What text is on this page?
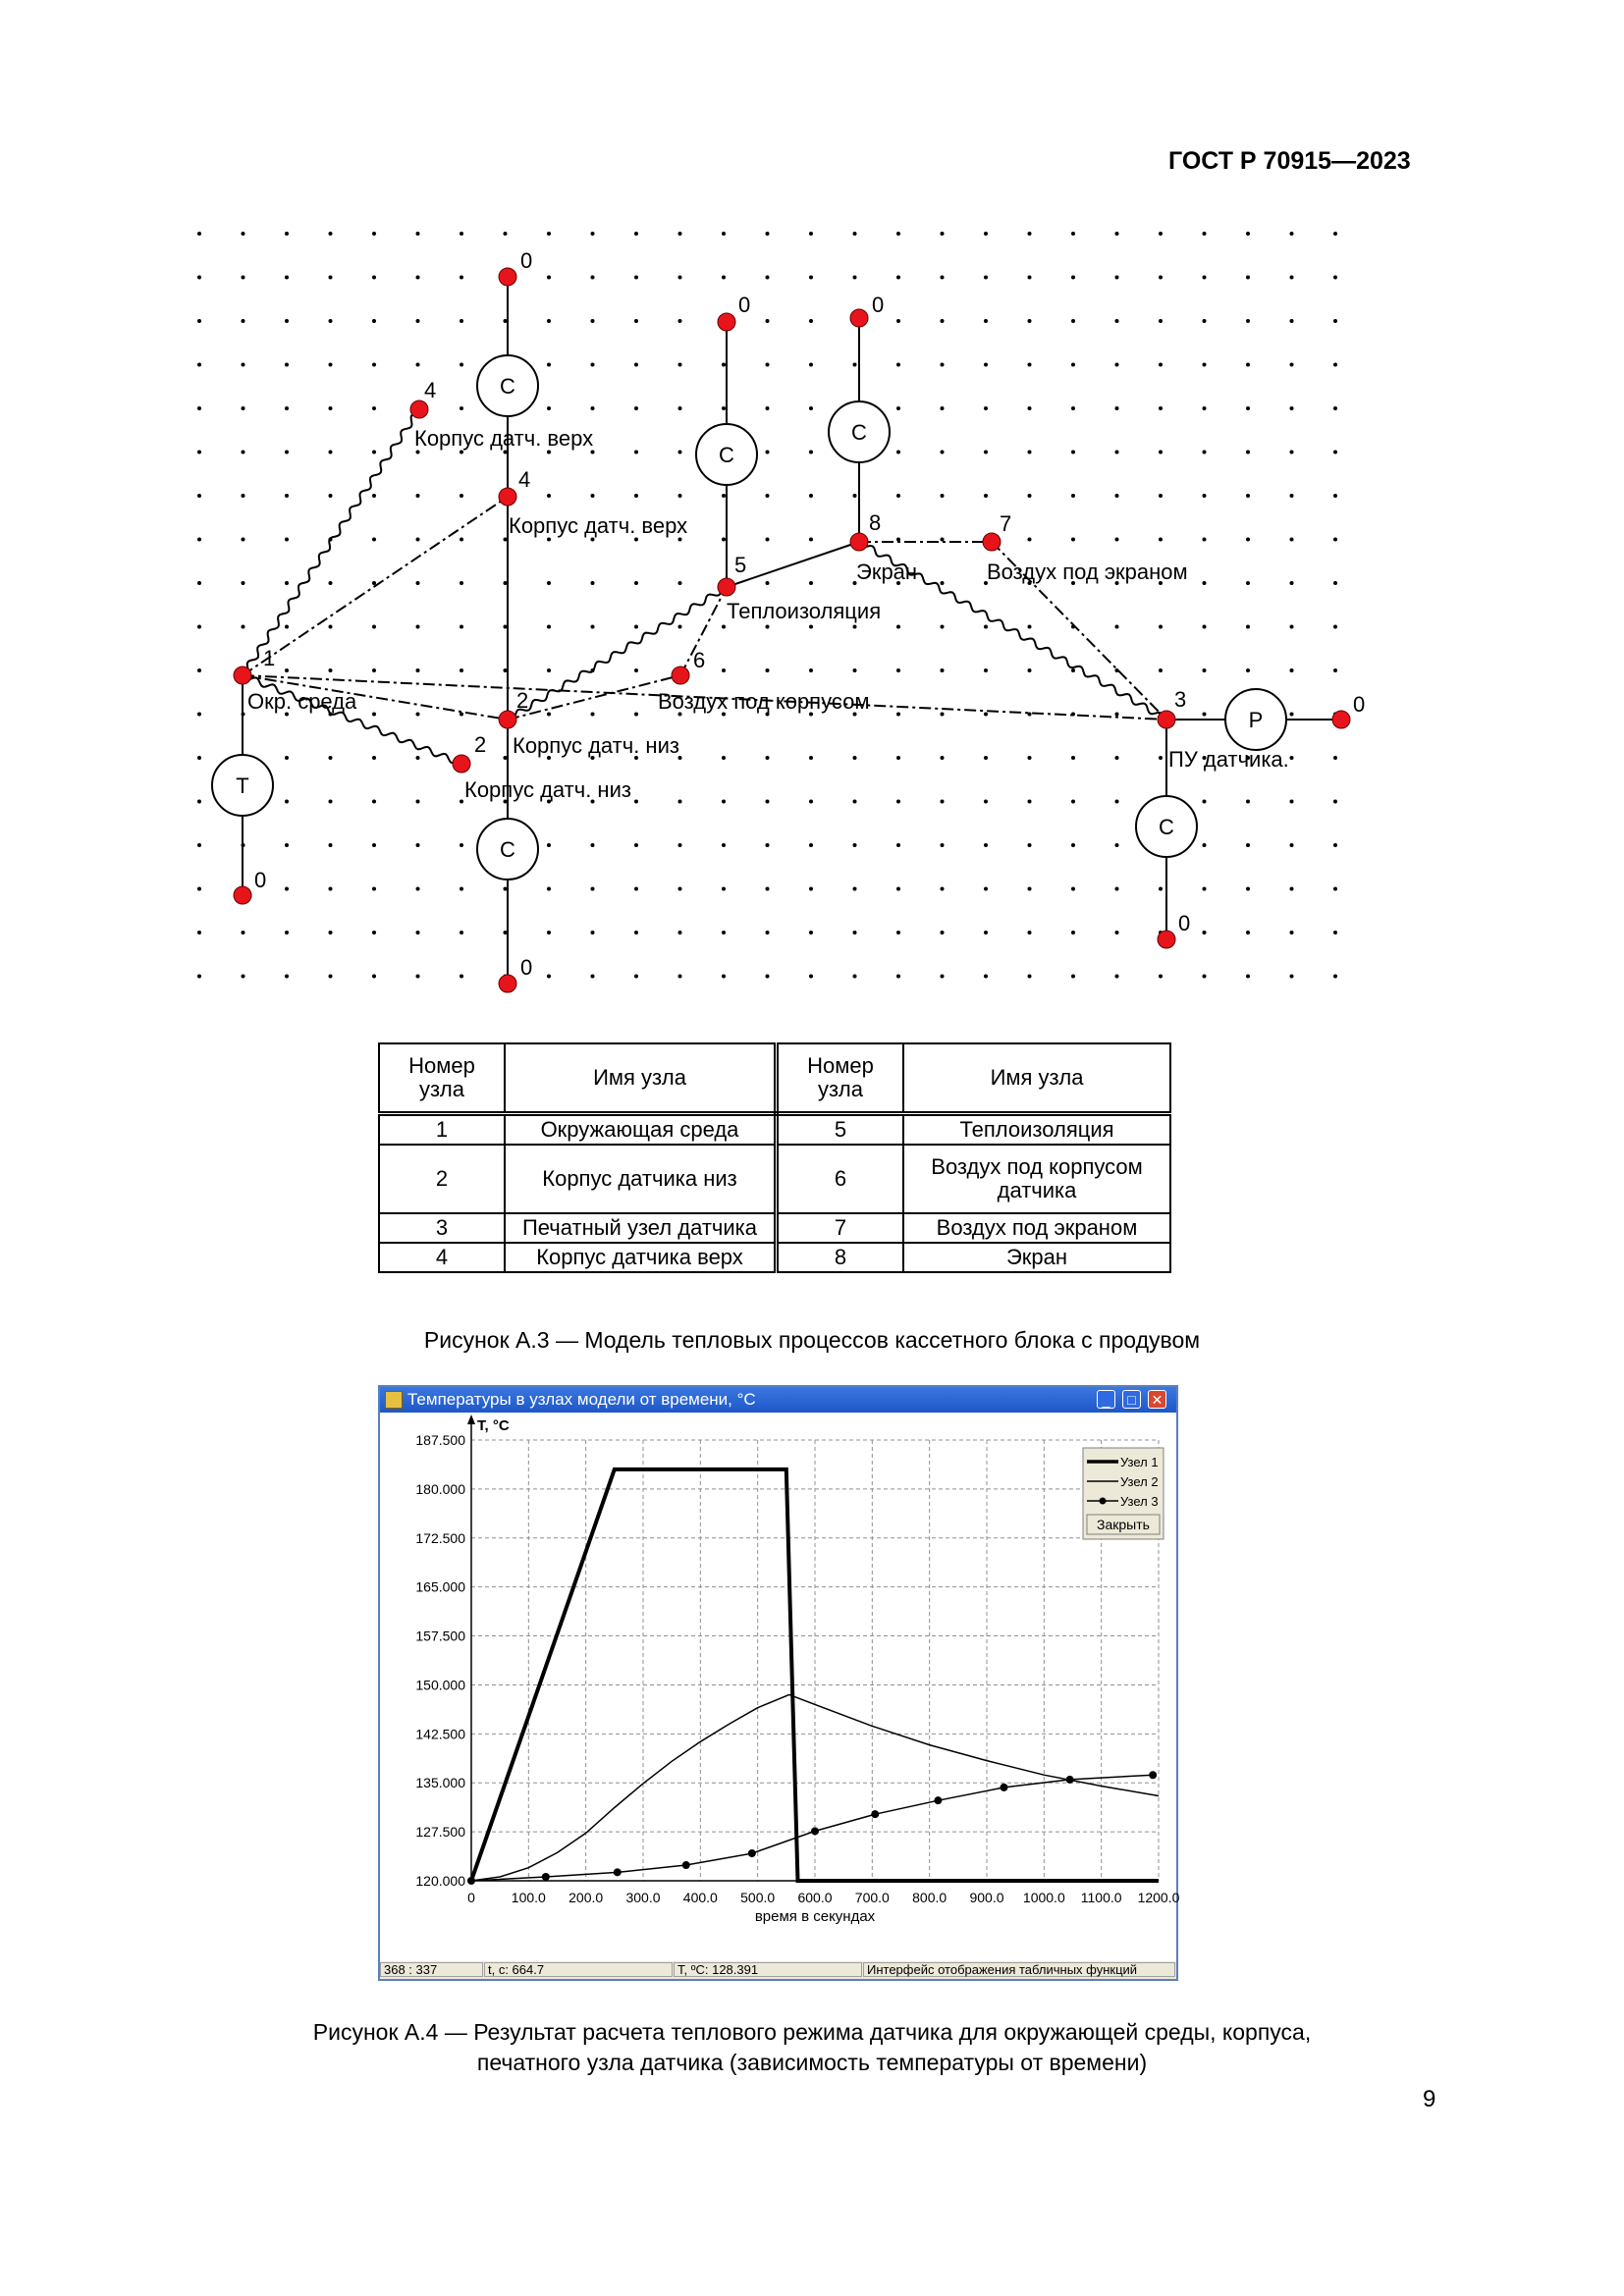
ГОСТ Р 70915—2023
C
C
C
C
C
T
P
0
0	0
0
0
0
0
4
4
5
8	7
1	6
2
2
3
Корпус датч. верх
Корпус датч. верх
Теплоизоляция
Экран	Воздух под экраном
Окр. среда	Воздух под корпусом
Корпус датч. низ
Корпус датч. низ
ПУ датчика.
Номер узла	Имя узла	Номер узла	Имя узла
1	Окружающая среда	5	Теплоизоляция
2	Корпус датчика низ	6	Воздух под корпусом датчика
3	Печатный узел датчика	7	Воздух под экраном
4	Корпус датчика верх	8	Экран
Рисунок А.3 — Модель тепловых процессов кассетного блока с продувом
Температуры в узлах модели от времени, °C	_	□	✕
0	100.0 200.0 300.0 400.0 500.0 600.0 700.0 800.0 900.0 1000.0 1100.0 1200.0
120.000
127.500
135.000
142.500
150.000
157.500
165.000
172.500
180.000
187.500
T, °C
время в секундах
Узел 1
Узел 2
Узел 3
Закрыть
368 : 337	t, c: 664.7	T, ºC: 128.391	Интерфейс отображения табличных функций
Рисунок А.4 — Результат расчета теплового режима датчика для окружающей среды, корпуса,
печатного узла датчика (зависимость температуры от времени)
9
